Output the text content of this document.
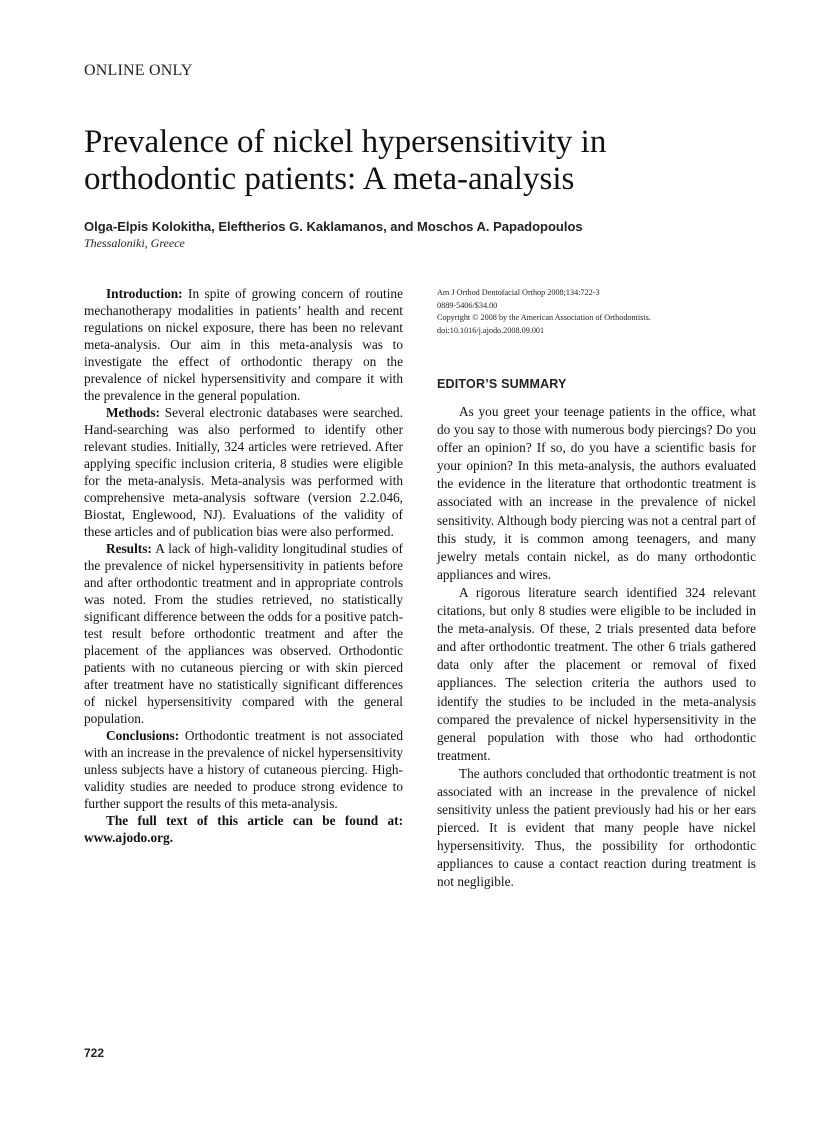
ONLINE ONLY
Prevalence of nickel hypersensitivity in
orthodontic patients: A meta-analysis
Olga-Elpis Kolokitha, Eleftherios G. Kaklamanos, and Moschos A. Papadopoulos
Thessaloniki, Greece

Introduction: In spite of growing concern of routine mechanotherapy modalities in patients’ health and recent regulations on nickel exposure, there has been no relevant meta-analysis. Our aim in this meta-analysis was to investigate the effect of orthodontic therapy on the prevalence of nickel hypersensitivity and compare it with the prevalence in the general population.

Methods: Several electronic databases were searched. Hand-searching was also performed to identify other relevant studies. Initially, 324 articles were retrieved. After applying specific inclusion criteria, 8 studies were eligible for the meta-analysis. Meta-analysis was performed with comprehensive meta-analysis software (version 2.2.046, Biostat, Englewood, NJ). Evaluations of the validity of these articles and of publication bias were also performed.

Results: A lack of high-validity longitudinal studies of the prevalence of nickel hypersensitivity in patients before and after orthodontic treatment and in appropriate controls was noted. From the studies retrieved, no statistically significant difference between the odds for a positive patch-test result before orthodontic treatment and after the placement of the appliances was observed. Orthodontic patients with no cutaneous piercing or with skin pierced after treatment have no statistically significant differences of nickel hypersensitivity compared with the general population.

Conclusions: Orthodontic treatment is not associated with an increase in the prevalence of nickel hypersensitivity unless subjects have a history of cutaneous piercing. High-validity studies are needed to produce strong evidence to further support the results of this meta-analysis.

The full text of this article can be found at: www.ajodo.org.

Am J Orthod Dentofacial Orthop 2008;134:722-3
0889-5406/$34.00
Copyright © 2008 by the American Association of Orthodontists.
doi:10.1016/j.ajodo.2008.09.001
EDITOR’S SUMMARY

As you greet your teenage patients in the office, what do you say to those with numerous body piercings? Do you offer an opinion? If so, do you have a scientific basis for your opinion? In this meta-analysis, the authors evaluated the evidence in the literature that orthodontic treatment is associated with an increase in the prevalence of nickel sensitivity. Although body piercing was not a central part of this study, it is common among teenagers, and many jewelry metals contain nickel, as do many orthodontic appliances and wires.

A rigorous literature search identified 324 relevant citations, but only 8 studies were eligible to be included in the meta-analysis. Of these, 2 trials presented data before and after orthodontic treatment. The other 6 trials gathered data only after the placement or removal of fixed appliances. The selection criteria the authors used to identify the studies to be included in the meta-analysis compared the prevalence of nickel hypersensitivity in the general population with those who had orthodontic treatment.

The authors concluded that orthodontic treatment is not associated with an increase in the prevalence of nickel sensitivity unless the patient previously had his or her ears pierced. It is evident that many people have nickel hypersensitivity. Thus, the possibility for orthodontic appliances to cause a contact reaction during treatment is not negligible.

722
